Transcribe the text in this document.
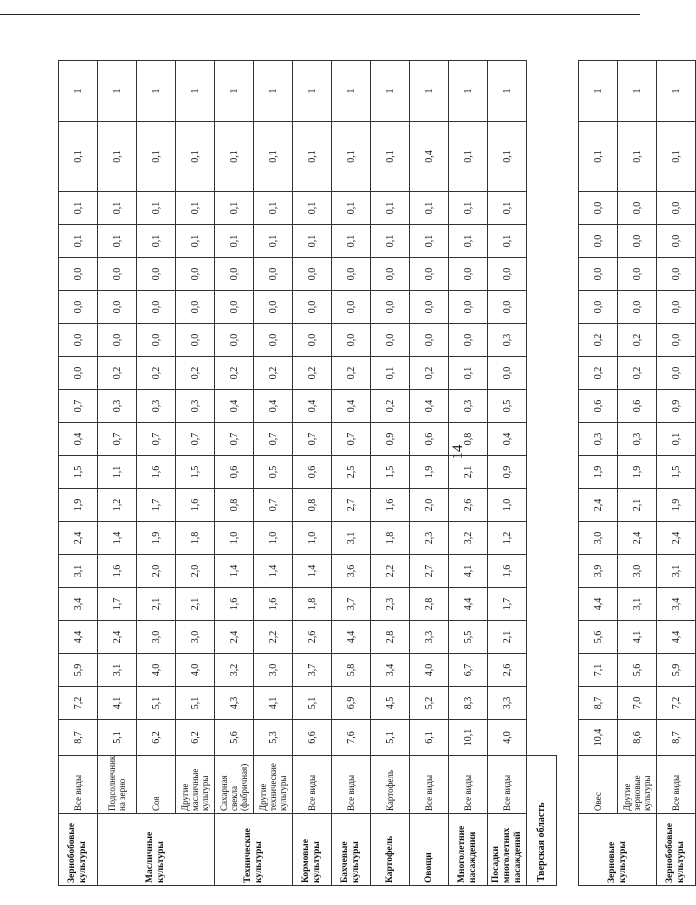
14
Зернобобовые культуры	Все виды	8,7	7,2	5,9	4,4	3,4	3,1	2,4	1,9	1,5	0,4	0,7	0,0	0,0	0,0	0,0	0,1	0,1	0,1	1
Масличные культуры	Подсолнечник на зерно	5,1	4,1	3,1	2,4	1,7	1,6	1,4	1,2	1,1	0,7	0,3	0,2	0,0	0,0	0,0	0,1	0,1	0,1	1
	Соя	6,2	5,1	4,0	3,0	2,1	2,0	1,9	1,7	1,6	0,7	0,3	0,2	0,0	0,0	0,0	0,1	0,1	0,1	1
	Другие масличные культуры	6,2	5,1	4,0	3,0	2,1	2,0	1,8	1,6	1,5	0,7	0,3	0,2	0,0	0,0	0,0	0,1	0,1	0,1	1
Технические культуры	Сахарная свекла (фабричная)	5,6	4,3	3,2	2,4	1,6	1,4	1,0	0,8	0,6	0,7	0,4	0,2	0,0	0,0	0,0	0,1	0,1	0,1	1
	Другие технические культуры	5,3	4,1	3,0	2,2	1,6	1,4	1,0	0,7	0,5	0,7	0,4	0,2	0,0	0,0	0,0	0,1	0,1	0,1	1
Кормовые культуры	Все виды	6,6	5,1	3,7	2,6	1,8	1,4	1,0	0,8	0,6	0,7	0,4	0,2	0,0	0,0	0,0	0,1	0,1	0,1	1
Бахчевые культуры	Все виды	7,6	6,9	5,8	4,4	3,7	3,6	3,1	2,7	2,5	0,7	0,4	0,2	0,0	0,0	0,0	0,1	0,1	0,1	1
Картофель	Картофель	5,1	4,5	3,4	2,8	2,3	2,2	1,8	1,6	1,5	0,9	0,2	0,1	0,0	0,0	0,0	0,1	0,1	0,1	1
Овощи	Все виды	6,1	5,2	4,0	3,3	2,8	2,7	2,3	2,0	1,9	0,6	0,4	0,2	0,0	0,0	0,0	0,1	0,1	0,4	1
Многолетние насаждения	Все виды	10,1	8,3	6,7	5,5	4,4	4,1	3,2	2,6	2,1	0,8	0,3	0,1	0,0	0,0	0,0	0,1	0,1	0,1	1
Посадки многолетних насаждений	Все виды	4,0	3,3	2,6	2,1	1,7	1,6	1,2	1,0	0,9	0,4	0,5	0,0	0,3	0,0	0,0	0,1	0,1	0,1	1
Тверская область																				

Зерновые культуры	Овес	10,4	8,7	7,1	5,6	4,4	3,9	3,0	2,4	1,9	0,3	0,6	0,2	0,2	0,0	0,0	0,0	0,0	0,1	1
	Другие зерновые культуры	8,6	7,0	5,6	4,1	3,1	3,0	2,4	2,1	1,9	0,3	0,6	0,2	0,2	0,0	0,0	0,0	0,0	0,1	1
Зернобобовые культуры	Все виды	8,7	7,2	5,9	4,4	3,4	3,1	2,4	1,9	1,5	0,1	0,9	0,0	0,0	0,0	0,0	0,0	0,0	0,1	1
